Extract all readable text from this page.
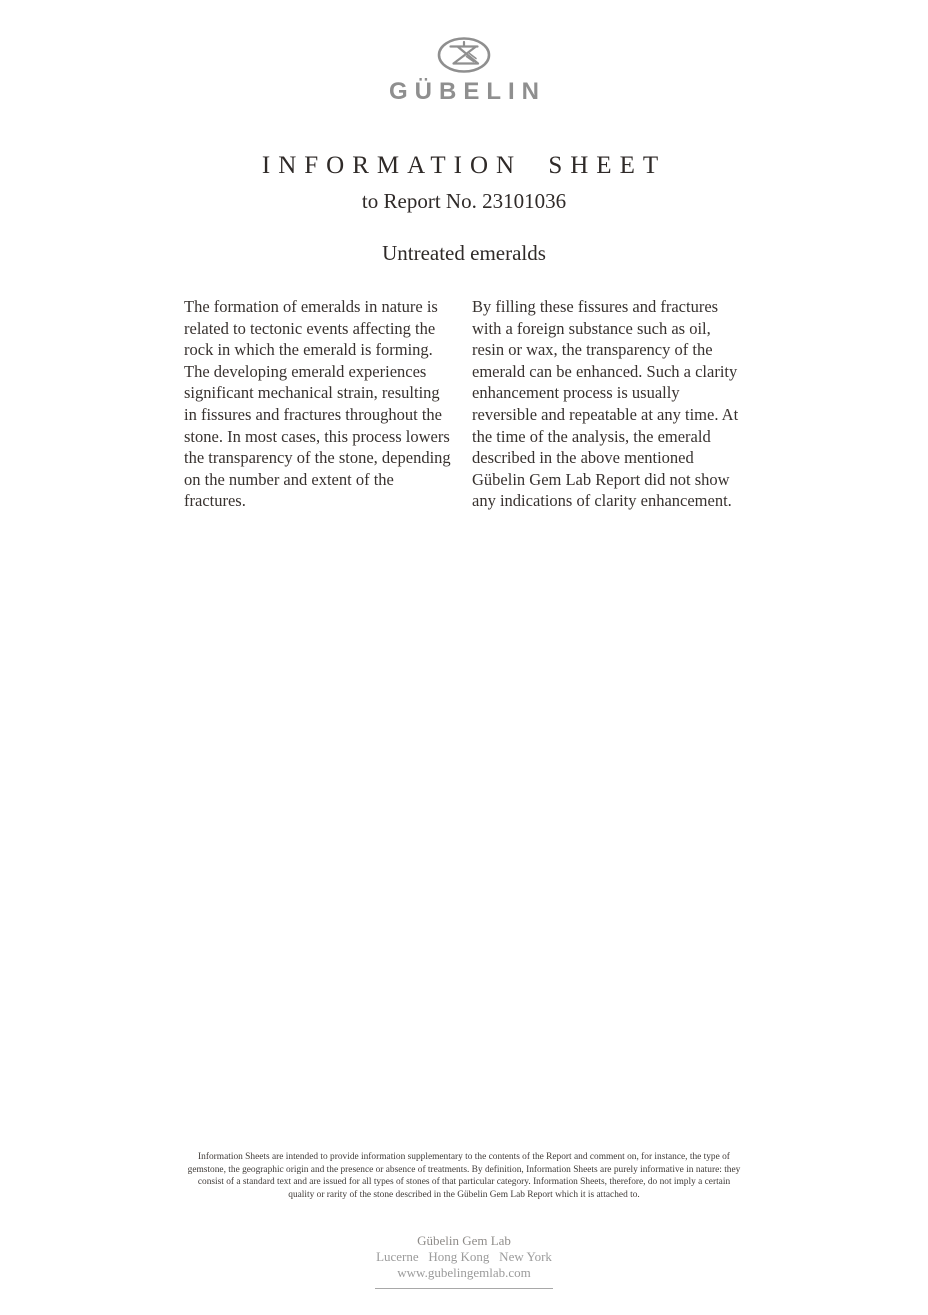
GÜBELIN
INFORMATION SHEET
to Report No. 23101036
Untreated emeralds
The formation of emeralds in nature is related to tectonic events affecting the rock in which the emerald is forming. The developing emerald experiences significant mechanical strain, resulting in fissures and fractures throughout the stone. In most cases, this process lowers the transparency of the stone, depending on the number and extent of the fractures.
By filling these fissures and fractures with a foreign substance such as oil, resin or wax, the transparency of the emerald can be enhanced. Such a clarity enhancement process is usually reversible and repeatable at any time. At the time of the analysis, the emerald described in the above mentioned Gübelin Gem Lab Report did not show any indications of clarity enhancement.
Information Sheets are intended to provide information supplementary to the contents of the Report and comment on, for instance, the type of gemstone, the geographic origin and the presence or absence of treatments. By definition, Information Sheets are purely informative in nature: they consist of a standard text and are issued for all types of stones of that particular category. Information Sheets, therefore, do not imply a certain quality or rarity of the stone described in the Gübelin Gem Lab Report which it is attached to.
Gübelin Gem Lab
Lucerne   Hong Kong   New York
www.gubelingemlab.com
